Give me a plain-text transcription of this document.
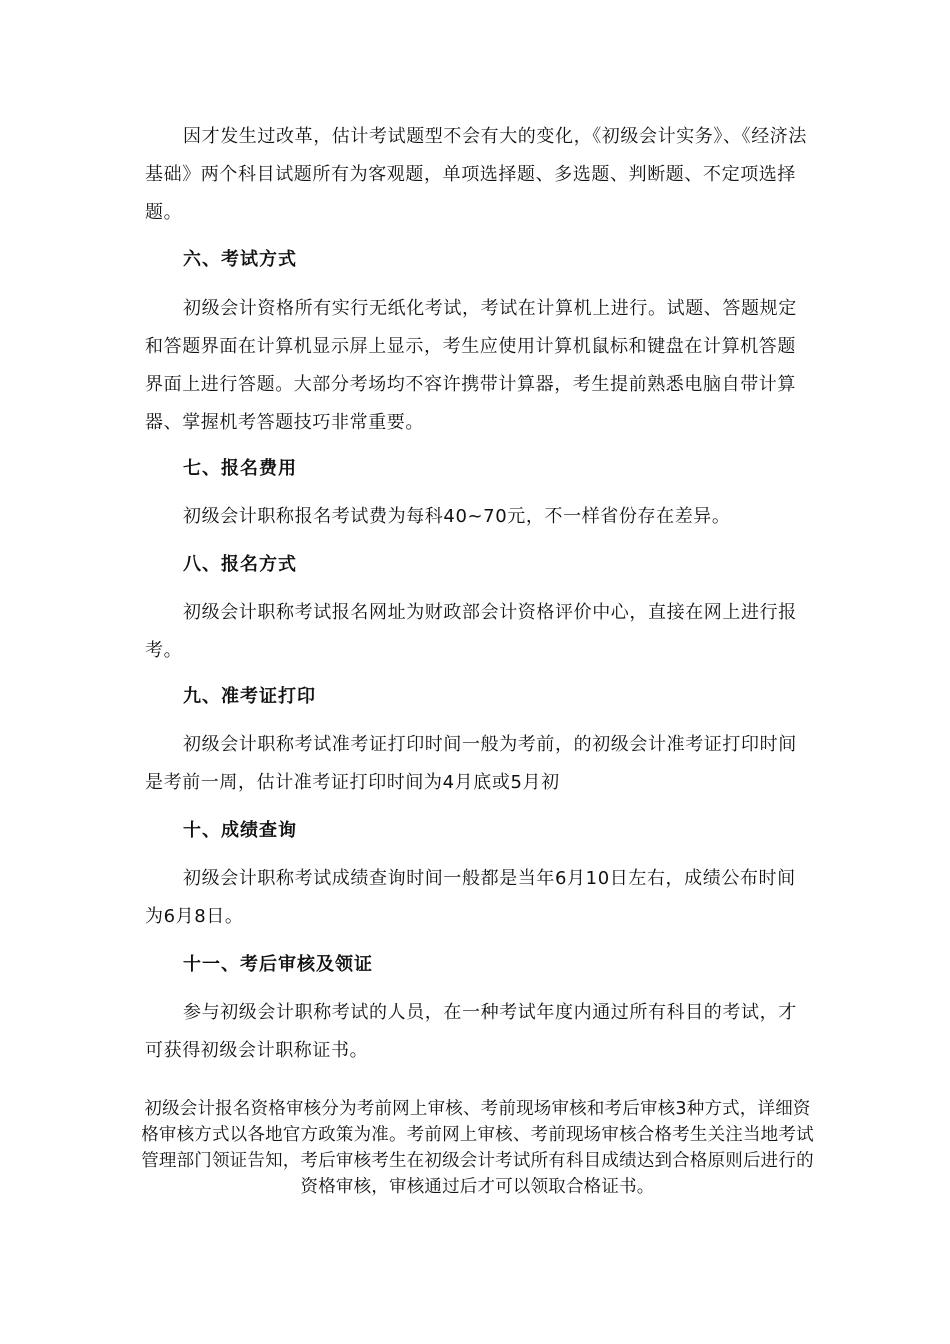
因才发生过改革，估计考试题型不会有大的变化，《初级会计实务》、《经济法基础》两个科目试题所有为客观题，单项选择题、多选题、判断题、不定项选择题。

六、考试方式

初级会计资格所有实行无纸化考试，考试在计算机上进行。试题、答题规定和答题界面在计算机显示屏上显示，考生应使用计算机鼠标和键盘在计算机答题界面上进行答题。大部分考场均不容许携带计算器，考生提前熟悉电脑自带计算器、掌握机考答题技巧非常重要。

七、报名费用

初级会计职称报名考试费为每科40~70元，不一样省份存在差异。

八、报名方式

初级会计职称考试报名网址为财政部会计资格评价中心，直接在网上进行报考。

九、准考证打印

初级会计职称考试准考证打印时间一般为考前，的初级会计准考证打印时间是考前一周，估计准考证打印时间为4月底或5月初

十、成绩查询

初级会计职称考试成绩查询时间一般都是当年6月10日左右，成绩公布时间为6月8日。

十一、考后审核及领证

参与初级会计职称考试的人员，在一种考试年度内通过所有科目的考试，才可获得初级会计职称证书。

初级会计报名资格审核分为考前网上审核、考前现场审核和考后审核3种方式，详细资格审核方式以各地官方政策为准。考前网上审核、考前现场审核合格考生关注当地考试管理部门领证告知，考后审核考生在初级会计考试所有科目成绩达到合格原则后进行的资格审核，审核通过后才可以领取合格证书。
